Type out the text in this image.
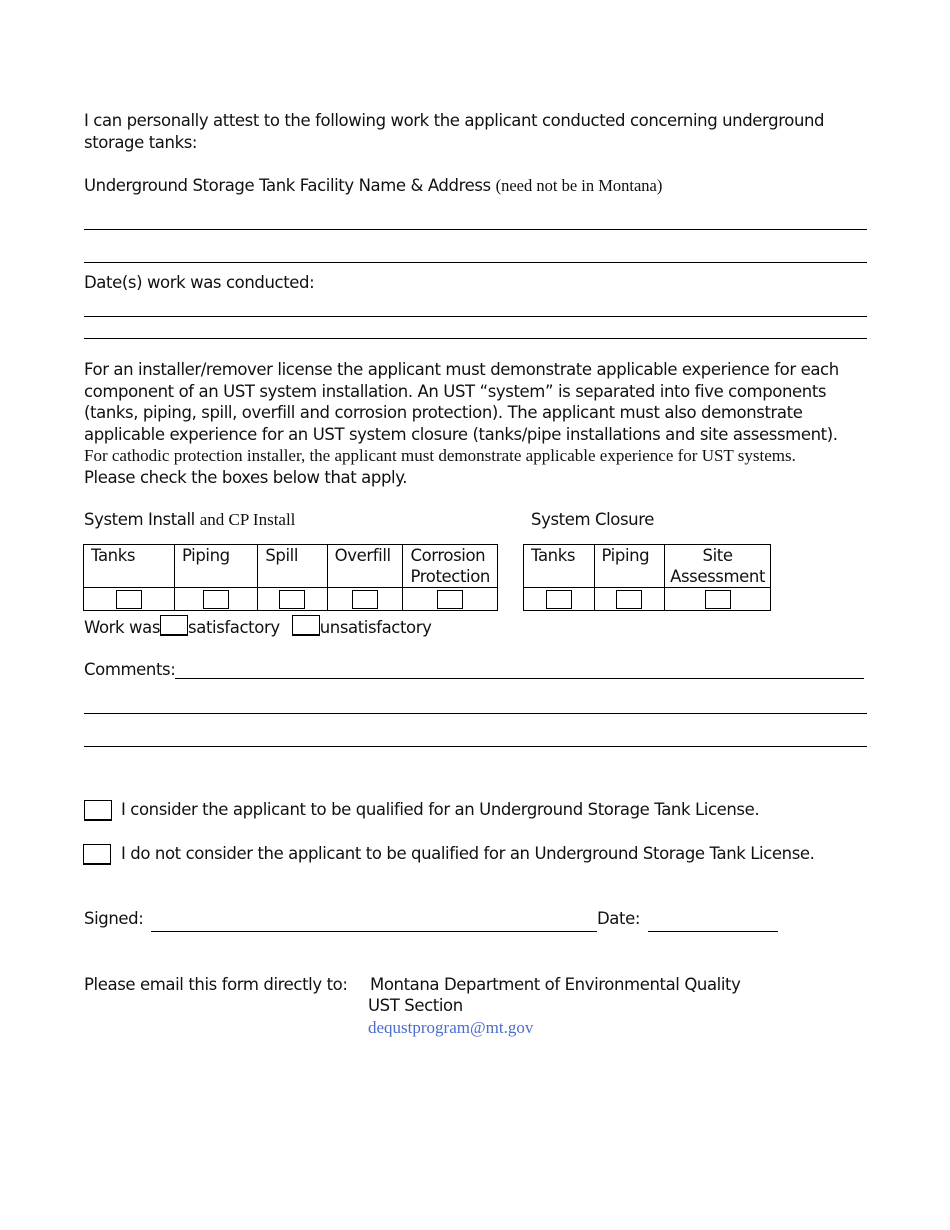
I can personally attest to the following work the applicant conducted concerning underground storage tanks:
Underground Storage Tank Facility Name & Address (need not be in Montana)
Date(s) work was conducted:
For an installer/remover license the applicant must demonstrate applicable experience for each component of an UST system installation. An UST “system” is separated into five components (tanks, piping, spill, overfill and corrosion protection). The applicant must also demonstrate applicable experience for an UST system closure (tanks/pipe installations and site assessment). For cathodic protection installer, the applicant must demonstrate applicable experience for UST systems.
Please check the boxes below that apply.
System Install and CP Install	System Closure
Tanks	Piping	Spill	Overfill	Corrosion Protection

Tanks	Piping	Site Assessment

Work was satisfactory unsatisfactory
Comments:
I consider the applicant to be qualified for an Underground Storage Tank License.
I do not consider the applicant to be qualified for an Underground Storage Tank License.
Signed:	Date:
Please email this form directly to: Montana Department of Environmental Quality
UST Section
dequstprogram@mt.gov
